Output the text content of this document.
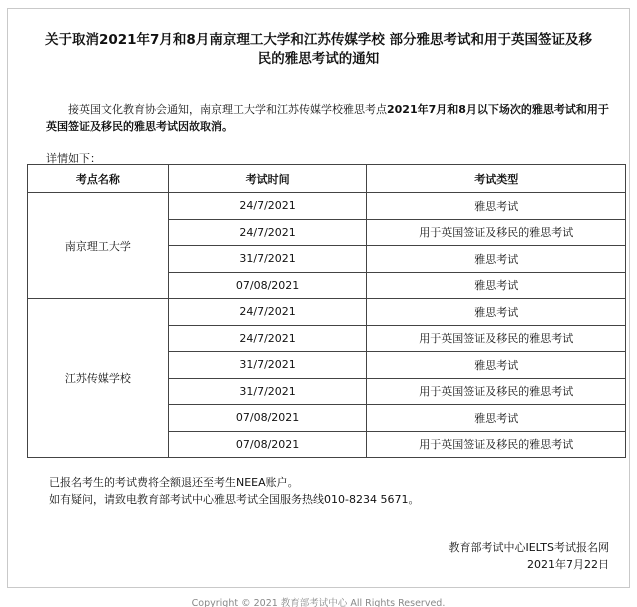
关于取消2021年7月和8月南京理工大学和江苏传媒学校 部分雅思考试和用于英国签证及移
民的雅思考试的通知

接英国文化教育协会通知，南京理工大学和江苏传媒学校雅思考点2021年7月和8月以下场次的雅思考试和用于英国签证及移民的雅思考试因故取消。

详情如下：
考点名称	考试时间	考试类型
南京理工大学	24/7/2021	雅思考试
	24/7/2021	用于英国签证及移民的雅思考试
	31/7/2021	雅思考试
	07/08/2021	雅思考试
江苏传媒学校	24/7/2021	雅思考试
	24/7/2021	用于英国签证及移民的雅思考试
	31/7/2021	雅思考试
	31/7/2021	用于英国签证及移民的雅思考试
	07/08/2021	雅思考试
	07/08/2021	用于英国签证及移民的雅思考试
已报名考生的考试费将全额退还至考生NEEA账户。
如有疑问，请致电教育部考试中心雅思考试全国服务热线010-8234 5671。
教育部考试中心IELTS考试报名网
2021年7月22日
Copyright © 2021 教育部考试中心 All Rights Reserved.
